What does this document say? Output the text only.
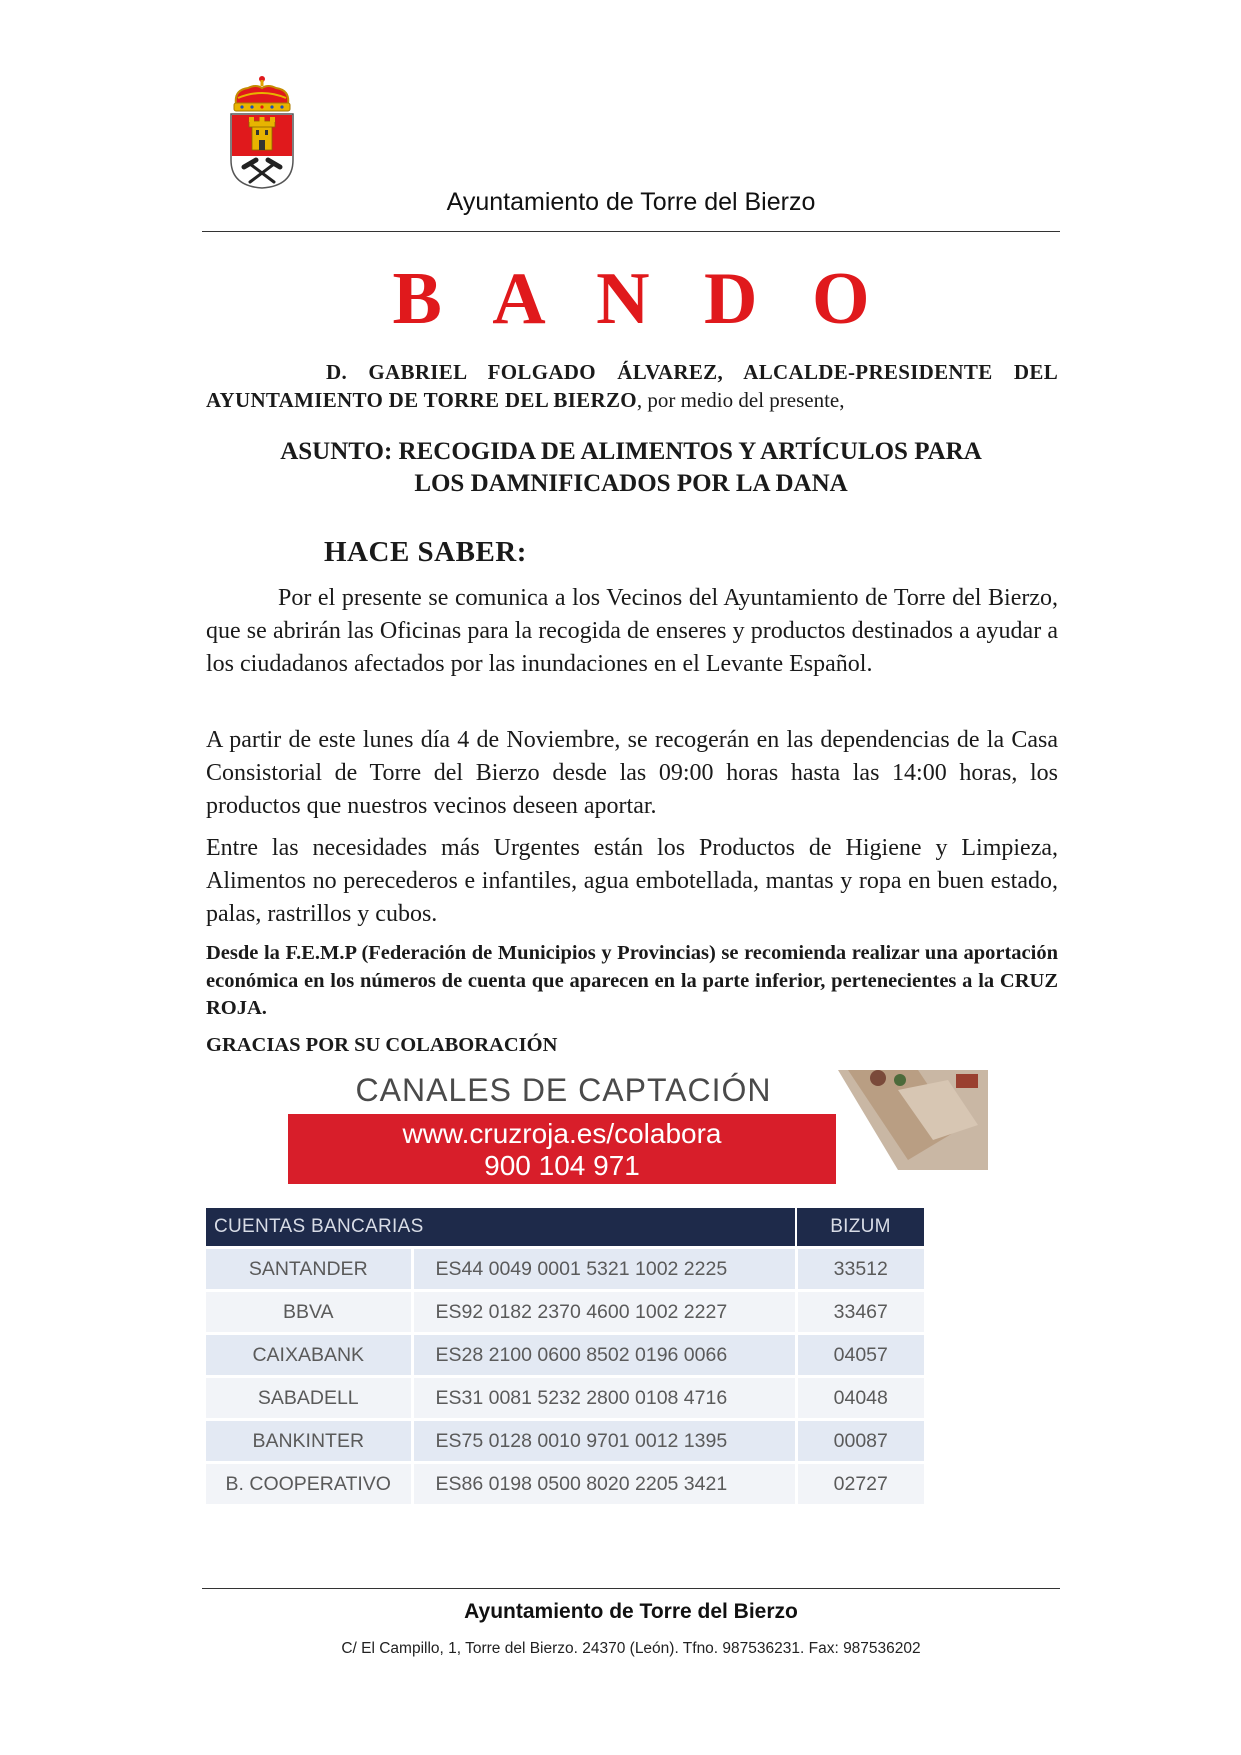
Ayuntamiento de Torre del Bierzo
B A N D O
D. GABRIEL FOLGADO ÁLVAREZ, ALCALDE-PRESIDENTE DEL AYUNTAMIENTO DE TORRE DEL BIERZO, por medio del presente,
ASUNTO: RECOGIDA DE ALIMENTOS Y ARTÍCULOS PARA
LOS DAMNIFICADOS POR LA DANA
HACE SABER:
Por el presente se comunica a los Vecinos del Ayuntamiento de Torre del Bierzo, que se abrirán las Oficinas para la recogida de enseres y productos destinados a ayudar a los ciudadanos afectados por las inundaciones en el Levante Español.
A partir de este lunes día 4 de Noviembre, se recogerán en las dependencias de la Casa Consistorial de Torre del Bierzo desde las 09:00 horas hasta las 14:00 horas, los productos que nuestros vecinos deseen aportar.
Entre las necesidades más Urgentes están los Productos de Higiene y Limpieza, Alimentos no perecederos e infantiles, agua embotellada, mantas y ropa en buen estado, palas, rastrillos y cubos.
Desde la F.E.M.P (Federación de Municipios y Provincias) se recomienda realizar una aportación económica en los números de cuenta que aparecen en la parte inferior, pertenecientes a la CRUZ ROJA.
GRACIAS POR SU COLABORACIÓN
CANALES DE CAPTACIÓN
www.cruzroja.es/colabora
900 104 971
CUENTAS BANCARIAS		BIZUM
SANTANDER	ES44 0049 0001 5321 1002 2225	33512
BBVA	ES92 0182 2370 4600 1002 2227	33467
CAIXABANK	ES28 2100 0600 8502 0196 0066	04057
SABADELL	ES31 0081 5232 2800 0108 4716	04048
BANKINTER	ES75 0128 0010 9701 0012 1395	00087
B. COOPERATIVO	ES86 0198 0500 8020 2205 3421	02727
Ayuntamiento de Torre del Bierzo
C/ El Campillo, 1, Torre del Bierzo. 24370 (León). Tfno. 987536231. Fax: 987536202
